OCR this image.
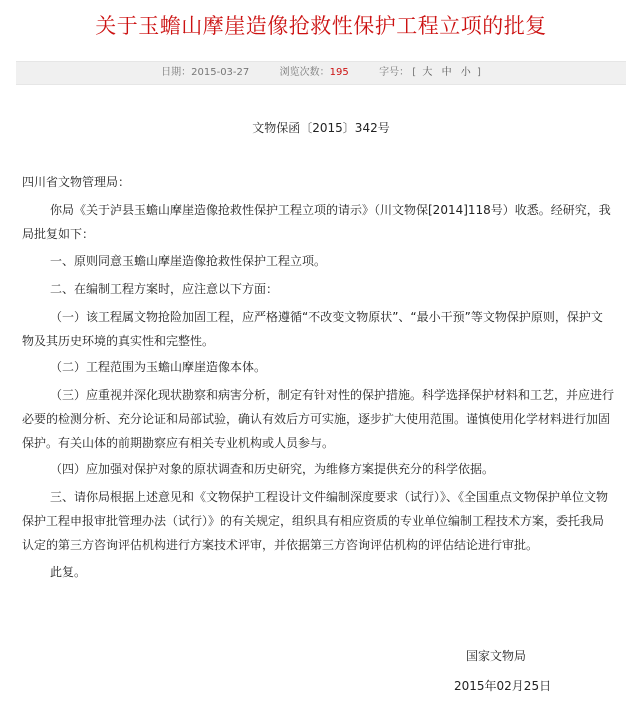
关于玉蟾山摩崖造像抢救性保护工程立项的批复
日期：2015-03-27	浏览次数：195	字号： [ 大 中 小 ]
文物保函〔2015〕342号

四川省文物管理局：

你局《关于泸县玉蟾山摩崖造像抢救性保护工程立项的请示》（川文物保[2014]118号）收悉。经研究，我局批复如下：

一、原则同意玉蟾山摩崖造像抢救性保护工程立项。

二、在编制工程方案时，应注意以下方面：

（一）该工程属文物抢险加固工程，应严格遵循“不改变文物原状”、“最小干预”等文物保护原则，保护文物及其历史环境的真实性和完整性。

（二）工程范围为玉蟾山摩崖造像本体。

（三）应重视并深化现状勘察和病害分析，制定有针对性的保护措施。科学选择保护材料和工艺，并应进行必要的检测分析、充分论证和局部试验，确认有效后方可实施，逐步扩大使用范围。谨慎使用化学材料进行加固保护。有关山体的前期勘察应有相关专业机构或人员参与。

（四）应加强对保护对象的原状调查和历史研究，为维修方案提供充分的科学依据。

三、请你局根据上述意见和《文物保护工程设计文件编制深度要求（试行）》、《全国重点文物保护单位文物保护工程申报审批管理办法（试行）》的有关规定，组织具有相应资质的专业单位编制工程技术方案，委托我局认定的第三方咨询评估机构进行方案技术评审，并依据第三方咨询评估机构的评估结论进行审批。

此复。

国家文物局
2015年02月25日
